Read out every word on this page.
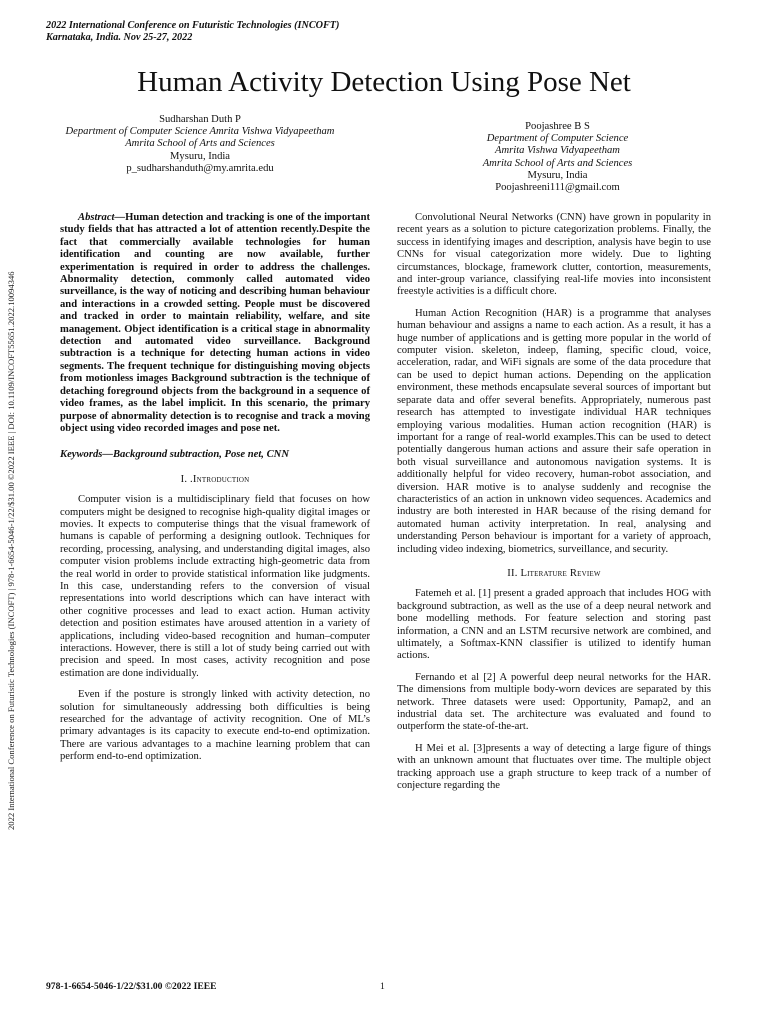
2022 International Conference on Futuristic Technologies (INCOFT) | 978-1-6654-5046-1/22/$31.00 ©2022 IEEE | DOI: 10.1109/INCOFT55651.2022.10094346
2022 International Conference on Futuristic Technologies (INCOFT)
Karnataka, India. Nov 25-27, 2022
Human Activity Detection Using Pose Net
Sudharshan Duth P
Department of Computer Science Amrita Vishwa Vidyapeetham
Amrita School of Arts and Sciences
Mysuru, India
p_sudharshanduth@my.amrita.edu
Poojashree B S
Department of Computer Science
Amrita Vishwa Vidyapeetham
Amrita School of Arts and Sciences
Mysuru, India
Poojashreeni111@gmail.com

Abstract—Human detection and tracking is one of the important study fields that has attracted a lot of attention recently.Despite the fact that commercially available technologies for human identification and counting are now available, further experimentation is required in order to address the challenges. Abnormality detection, commonly called automated video surveillance, is the way of noticing and describing human behaviour and interactions in a crowded setting. People must be discovered and tracked in order to maintain reliability, welfare, and site management. Object identification is a critical stage in abnormality detection and automated video surveillance. Background subtraction is a technique for detecting human actions in video segments. The frequent technique for distinguishing moving objects from motionless images Background subtraction is the technique of detaching foreground objects from the background in a sequence of video frames, as the label implicit. In this scenario, the primary purpose of abnormality detection is to recognise and track a moving object using video recorded images and pose net.

Keywords—Background subtraction, Pose net, CNN

I. .Introduction

Computer vision is a multidisciplinary field that focuses on how computers might be designed to recognise high-quality digital images or movies. It expects to computerise things that the visual framework of humans is capable of performing a designing outlook. Techniques for recording, processing, analysing, and understanding digital images, also computer vision problems include extracting high-geometric data from the real world in order to provide statistical information like judgments. In this case, understanding refers to the conversion of visual representations into world descriptions which can have interact with other cognitive processes and lead to exact action. Human activity detection and position estimates have aroused attention in a variety of applications, including video-based recognition and human–computer interactions. However, there is still a lot of study being carried out with precision and speed. In most cases, activity recognition and pose estimation are done individually.

Even if the posture is strongly linked with activity detection, no solution for simultaneously addressing both difficulties is being researched for the advantage of activity recognition. One of ML’s primary advantages is its capacity to execute end-to-end optimization. There are various advantages to a machine learning problem that can perform end-to-end optimization.

Convolutional Neural Networks (CNN) have grown in popularity in recent years as a solution to picture categorization problems. Finally, the success in identifying images and description, analysis have begin to use CNNs for visual categorization more widely. Due to lighting circumstances, blockage, framework clutter, contortion, measurements, and inter-group variance, classifying real-life movies into inconsistent freestyle activities is a difficult chore.

Human Action Recognition (HAR) is a programme that analyses human behaviour and assigns a name to each action. As a result, it has a huge number of applications and is getting more popular in the world of computer vision. skeleton, indeep, flaming, specific cloud, voice, acceleration, radar, and WiFi signals are some of the data procedure that can be used to depict human actions. Depending on the application environment, these methods encapsulate several sources of important but separate data and offer several benefits. Appropriately, numerous past research has attempted to investigate individual HAR techniques employing various modalities. Human action recognition (HAR) is important for a range of real-world examples.This can be used to detect potentially dangerous human actions and assure their safe operation in both visual surveillance and autonomous navigation systems. It is additionally helpful for video recovery, human-robot association, and diversion. HAR motive is to analyse suddenly and recognise the characteristics of an action in unknown video sequences. Academics and industry are both interested in HAR because of the rising demand for automated human activity interpretation. In real, analysing and understanding Person behaviour is important for a variety of approach, including video indexing, biometrics, surveillance, and security.

II. Literature Review

Fatemeh et al. [1] present a graded approach that includes HOG with background subtraction, as well as the use of a deep neural network and bone modelling methods. For feature selection and storing past information, a CNN and an LSTM recursive network are combined, and ultimately, a Softmax-KNN classifier is utilized to identify human actions.

Fernando et al [2] A powerful deep neural networks for the HAR. The dimensions from multiple body-worn devices are separated by this network. Three datasets were used: Opportunity, Pamap2, and an industrial data set. The architecture was evaluated and found to outperform the state-of-the-art.

H Mei et al. [3]presents a way of detecting a large figure of things with an unknown amount that fluctuates over time. The multiple object tracking approach use a graph structure to keep track of a number of conjecture regarding the

978-1-6654-5046-1/22/$31.00 ©2022 IEEE	1
